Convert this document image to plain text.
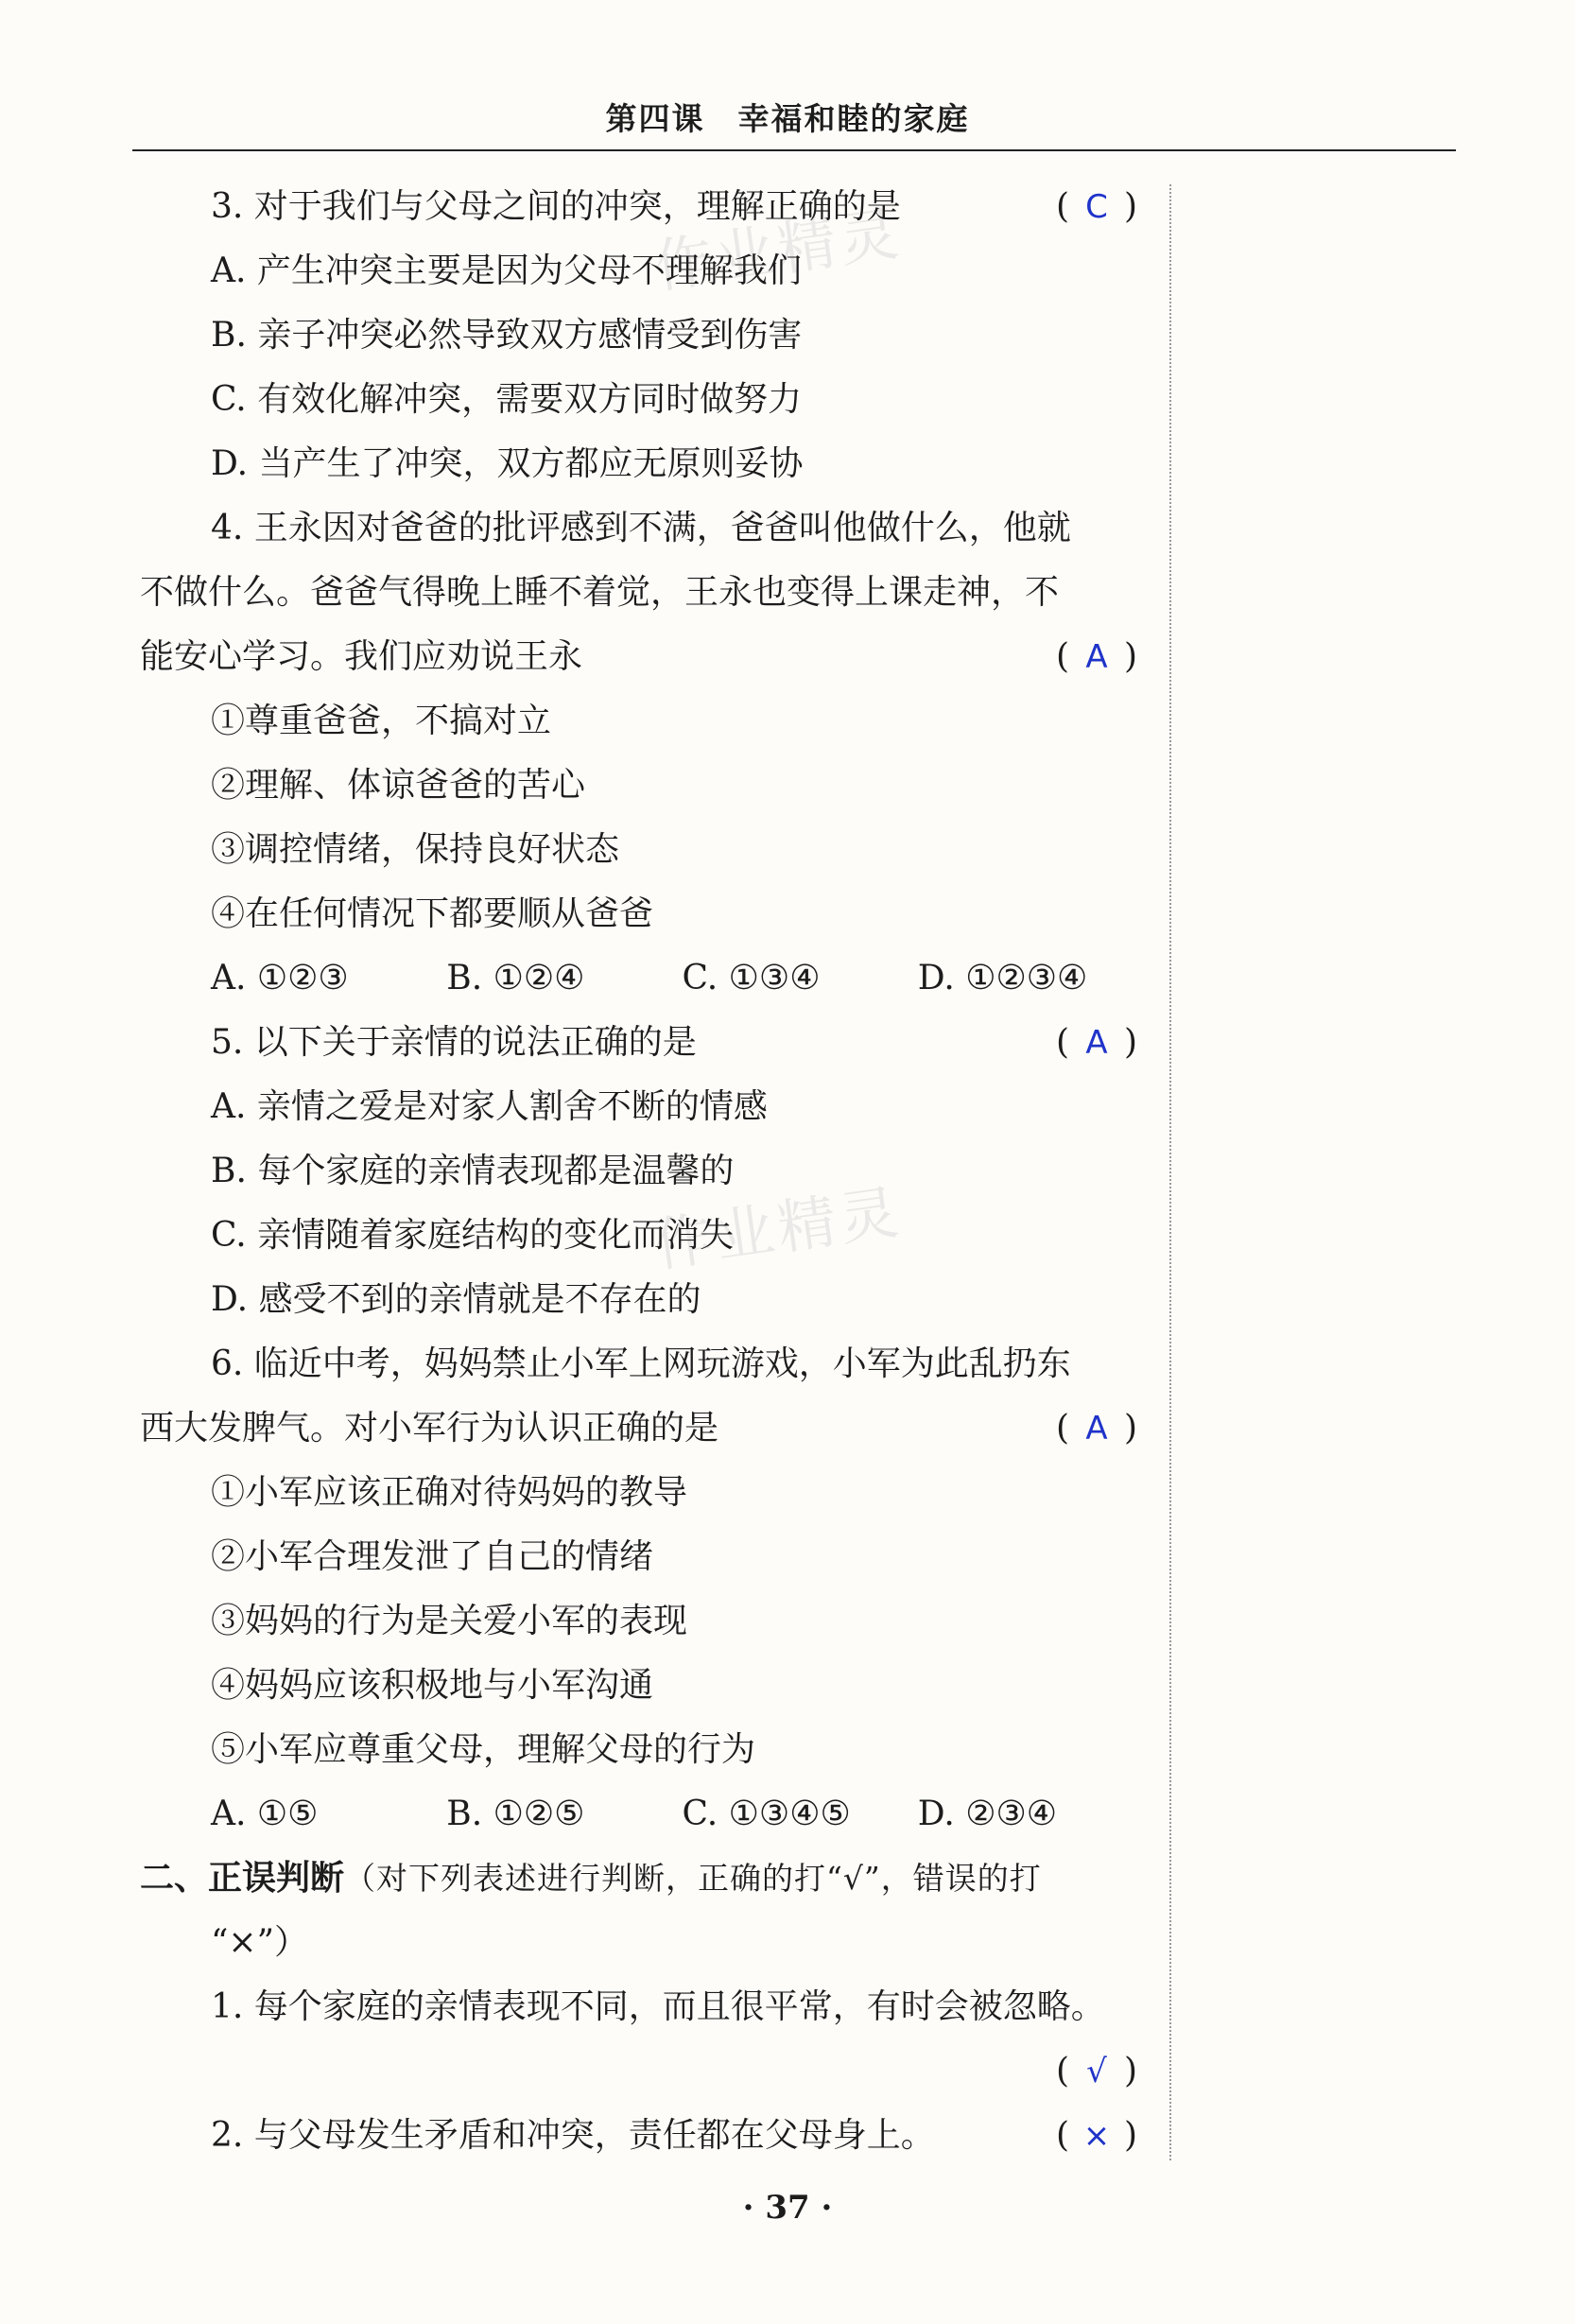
第四课　幸福和睦的家庭
作业精灵
作业精灵
3. 对于我们与父母之间的冲突，理解正确的是	( C )
A. 产生冲突主要是因为父母不理解我们
B. 亲子冲突必然导致双方感情受到伤害
C. 有效化解冲突，需要双方同时做努力
D. 当产生了冲突，双方都应无原则妥协
4. 王永因对爸爸的批评感到不满，爸爸叫他做什么，他就
不做什么。爸爸气得晚上睡不着觉，王永也变得上课走神，不
能安心学习。我们应劝说王永	( A )
①尊重爸爸，不搞对立
②理解、体谅爸爸的苦心
③调控情绪，保持良好状态
④在任何情况下都要顺从爸爸
A. ①②③	B. ①②④	C. ①③④	D. ①②③④
5. 以下关于亲情的说法正确的是	( A )
A. 亲情之爱是对家人割舍不断的情感
B. 每个家庭的亲情表现都是温馨的
C. 亲情随着家庭结构的变化而消失
D. 感受不到的亲情就是不存在的
6. 临近中考，妈妈禁止小军上网玩游戏，小军为此乱扔东
西大发脾气。对小军行为认识正确的是	( A )
①小军应该正确对待妈妈的教导
②小军合理发泄了自己的情绪
③妈妈的行为是关爱小军的表现
④妈妈应该积极地与小军沟通
⑤小军应尊重父母，理解父母的行为
A. ①⑤	B. ①②⑤	C. ①③④⑤	D. ②③④
二、正误判断（对下列表述进行判断，正确的打“√”，错误的打
“×”）
1. 每个家庭的亲情表现不同，而且很平常，有时会被忽略。
( √ )
2. 与父母发生矛盾和冲突，责任都在父母身上。	( × )
· 37 ·
